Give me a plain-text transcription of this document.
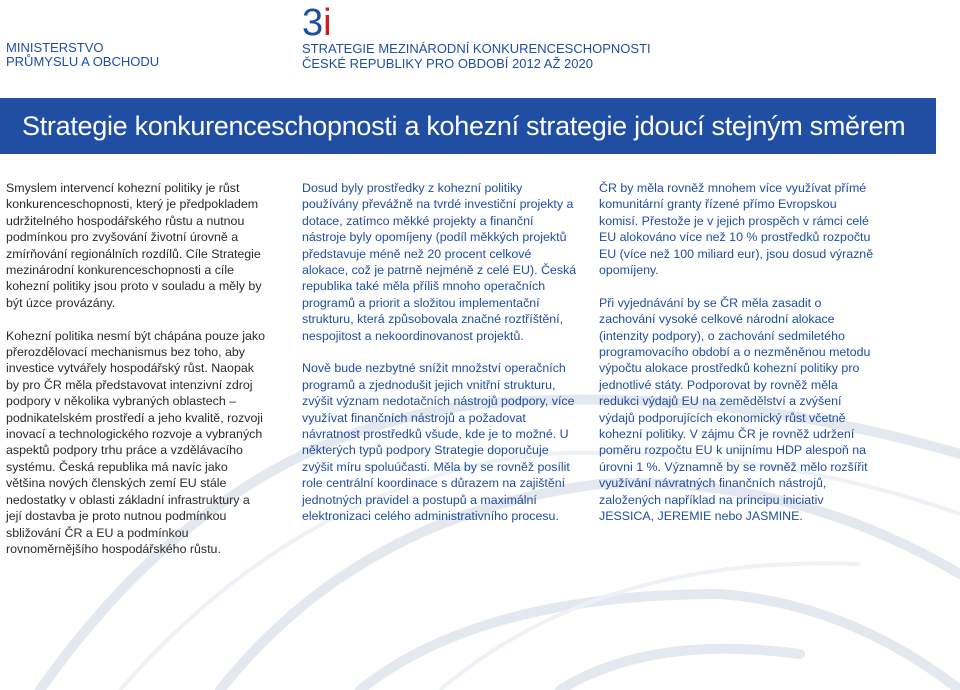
MINISTERSTVO
PRŮMYSLU A OBCHODU
3i
STRATEGIE MEZINÁRODNÍ KONKURENCESCHOPNOSTI
ČESKÉ REPUBLIKY PRO OBDOBÍ 2012 AŽ 2020
Strategie konkurenceschopnosti a kohezní strategie jdoucí stejným směrem

Smyslem intervencí kohezní politiky je růst konkurenceschopnosti, který je předpokladem udržitelného hospodářského růstu a nutnou podmínkou pro zvyšování životní úrovně a zmírňování regionálních rozdílů. Cíle Strategie mezinárodní konkurenceschopnosti a cíle kohezní politiky jsou proto v souladu a měly by být úzce provázány.

Kohezní politika nesmí být chápána pouze jako přerozdělovací mechanismus bez toho, aby investice vytvářely hospodářský růst. Naopak by pro ČR měla představovat intenzivní zdroj podpory v několika vybraných oblastech – podnikatelském prostředí a jeho kvalitě, rozvoji inovací a technologického rozvoje a vybraných aspektů podpory trhu práce a vzdělávacího systému. Česká republika má navíc jako většina nových členských zemí EU stále nedostatky v oblasti základní infrastruktury a její dostavba je proto nutnou podmínkou sbližování ČR a EU a podmínkou rovnoměrnějšího hospodářského růstu.

Dosud byly prostředky z kohezní politiky používány převážně na tvrdé investiční projekty a dotace, zatímco měkké projekty a finanční nástroje byly opomíjeny (podíl měkkých projektů představuje méně než 20 procent celkové alokace, což je patrně nejméně z celé EU). Česká republika také měla příliš mnoho operačních programů a priorit a složitou implementační strukturu, která způsobovala značné roztříštění, nespojitost a nekoordinovanost projektů.

Nově bude nezbytné snížit množství operačních programů a zjednodušit jejich vnitřní strukturu, zvýšit význam nedotačních nástrojů podpory, více využívat finančních nástrojů a požadovat návratnost prostředků všude, kde je to možné. U některých typů podpory Strategie doporučuje zvýšit míru spoluúčasti. Měla by se rovněž posílit role centrální koordinace s důrazem na zajištění jednotných pravidel a postupů a maximální elektronizaci celého administrativního procesu.

ČR by měla rovněž mnohem více využívat přímé komunitární granty řízené přímo Evropskou komisí. Přestože je v jejich prospěch v rámci celé EU alokováno více než 10 % prostředků rozpočtu EU (více než 100 miliard eur), jsou dosud výrazně opomíjeny.

Při vyjednávání by se ČR měla zasadit o zachování vysoké celkové národní alokace (intenzity podpory), o zachování sedmiletého programovacího období a o nezměněnou metodu výpočtu alokace prostředků kohezní politiky pro jednotlivé státy. Podporovat by rovněž měla redukci výdajů EU na zemědělství a zvýšení výdajů podporujících ekonomický růst včetně kohezní politiky. V zájmu ČR je rovněž udržení poměru rozpočtu EU k unijnímu HDP alespoň na úrovni 1 %. Významně by se rovněž mělo rozšířit využívání návratných finančních nástrojů, založených například na principu iniciativ JESSICA, JEREMIE nebo JASMINE.
